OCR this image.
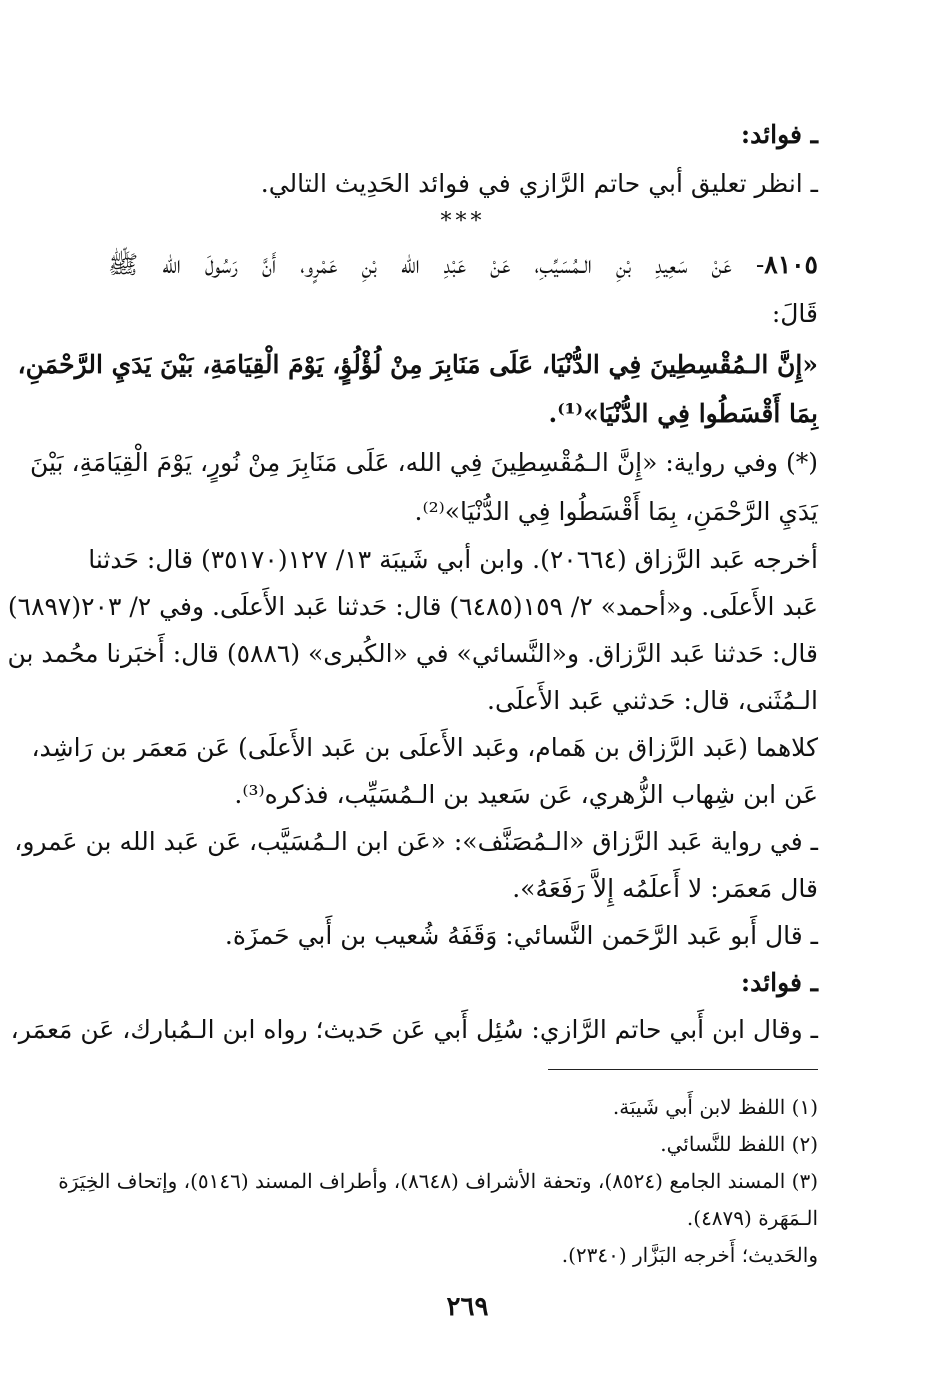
ـ فوائد:
ـ انظر تعليق أبي حاتم الرَّازي في فوائد الحَدِيث التالي.
***
٨١٠٥- عَنْ سَعِيدِ بْنِ الـمُسَيِّبِ، عَنْ عَبْدِ الله بْنِ عَمْرٍو، أَنَّ رَسُولَ الله ﷺ
قَالَ:
«إِنَّ الـمُقْسِطِينَ فِي الدُّنْيَا، عَلَى مَنَابِرَ مِنْ لُؤْلُؤٍ، يَوْمَ الْقِيَامَةِ، بَيْنَ يَدَيِ الرَّحْمَنِ،
بِمَا أَقْسَطُوا فِي الدُّنْيَا»⁽¹⁾.
(*) وفي رواية: «إِنَّ الـمُقْسِطِينَ فِي الله، عَلَى مَنَابِرَ مِنْ نُورٍ، يَوْمَ الْقِيَامَةِ، بَيْنَ
يَدَيِ الرَّحْمَنِ، بِمَا أَقْسَطُوا فِي الدُّنْيَا»⁽²⁾.
أخرجه عَبد الرَّزاق (٢٠٦٦٤). وابن أبي شَيبَة ١٣/ ١٢٧(٣٥١٧٠) قال: حَدثنا
عَبد الأَعلَى. و«أحمد» ٢/ ١٥٩(٦٤٨٥) قال: حَدثنا عَبد الأَعلَى. وفي ٢/ ٢٠٣(٦٨٩٧)
قال: حَدثنا عَبد الرَّزاق. و«النَّسائي» في «الكُبرى» (٥٨٨٦) قال: أَخبَرنا محُمد بن
الـمُثَنى، قال: حَدثني عَبد الأَعلَى.
كلاهما (عَبد الرَّزاق بن هَمام، وعَبد الأَعلَى بن عَبد الأَعلَى) عَن مَعمَر بن رَاشِد،
عَن ابن شِهاب الزُّهري، عَن سَعيد بن الـمُسَيِّب، فذكره⁽³⁾.
ـ في رواية عَبد الرَّزاق «الـمُصَنَّف»: «عَن ابن الـمُسَيَّب، عَن عَبد الله بن عَمرو،
قال مَعمَر: لا أَعلَمُه إِلاَّ رَفَعَهُ».
ـ قال أَبو عَبد الرَّحَمن النَّسائي: وَقَفَهُ شُعيب بن أَبي حَمزَة.
ـ فوائد:
ـ وقال ابن أَبي حاتم الرَّازي: سُئِل أَبي عَن حَديث؛ رواه ابن الـمُبارك، عَن مَعمَر،
(١) اللفظ لابن أَبي شَيبَة.
(٢) اللفظ للنَّسائي.
(٣) المسند الجامع (٨٥٢٤)، وتحفة الأشراف (٨٦٤٨)، وأطراف المسند (٥١٤٦)، وإتحاف الخِيَرَة
الـمَهَرة (٤٨٧٩).
والحَديث؛ أَخرجه البَزَّار (٢٣٤٠).
٢٦٩
